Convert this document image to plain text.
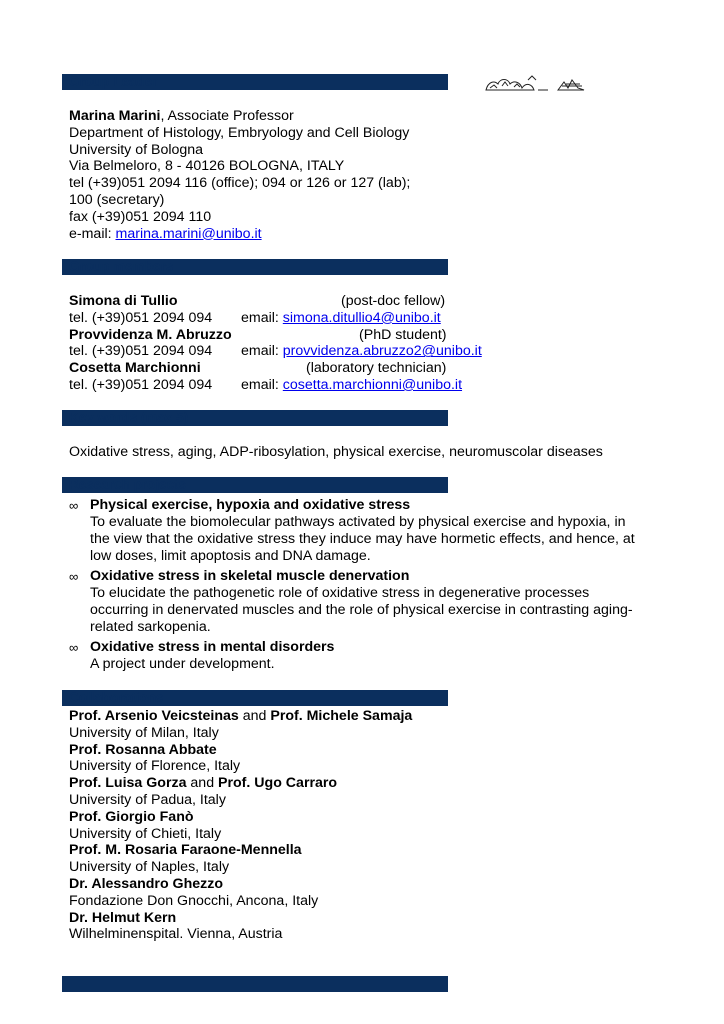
Group Leader
Marina Marini, Associate Professor
Department of Histology, Embryology and Cell Biology
University of Bologna
Via Belmeloro, 8 - 40126 BOLOGNA, ITALY
tel (+39)051 2094 116 (office); 094 or 126 or 127 (lab);
100 (secretary)
fax (+39)051 2094 110
e-mail: marina.marini@unibo.it
Group members
Simona di Tullio	(post-doc fellow)
tel. (+39)051 2094 094 email: simona.ditullio4@unibo.it
Provvidenza M. Abruzzo	(PhD student)
tel. (+39)051 2094 094 email: provvidenza.abruzzo2@unibo.it
Cosetta Marchionni	(laboratory technician)
tel. (+39)051 2094 094 email: cosetta.marchionni@unibo.it
Key words (max 5)
Oxidative stress, aging, ADP-ribosylation, physical exercise, neuromuscolar diseases
Research projects
∞ Physical exercise, hypoxia and oxidative stress
To evaluate the biomolecular pathways activated by physical exercise and hypoxia, in the view that the oxidative stress they induce may have hormetic effects, and hence, at low doses, limit apoptosis and DNA damage.
∞ Oxidative stress in skeletal muscle denervation
To elucidate the pathogenetic role of oxidative stress in degenerative processes occurring in denervated muscles and the role of physical exercise in contrasting aging-related sarkopenia.
∞ Oxidative stress in mental disorders
A project under development.
Collaborations
Prof. Arsenio Veicsteinas and Prof. Michele Samaja
University of Milan, Italy
Prof. Rosanna Abbate
University of Florence, Italy
Prof. Luisa Gorza and Prof. Ugo Carraro
University of Padua, Italy
Prof. Giorgio Fanò
University of Chieti, Italy
Prof. M. Rosaria Faraone-Mennella
University of Naples, Italy
Dr. Alessandro Ghezzo
Fondazione Don Gnocchi, Ancona, Italy
Dr. Helmut Kern
Wilhelminenspital. Vienna, Austria
